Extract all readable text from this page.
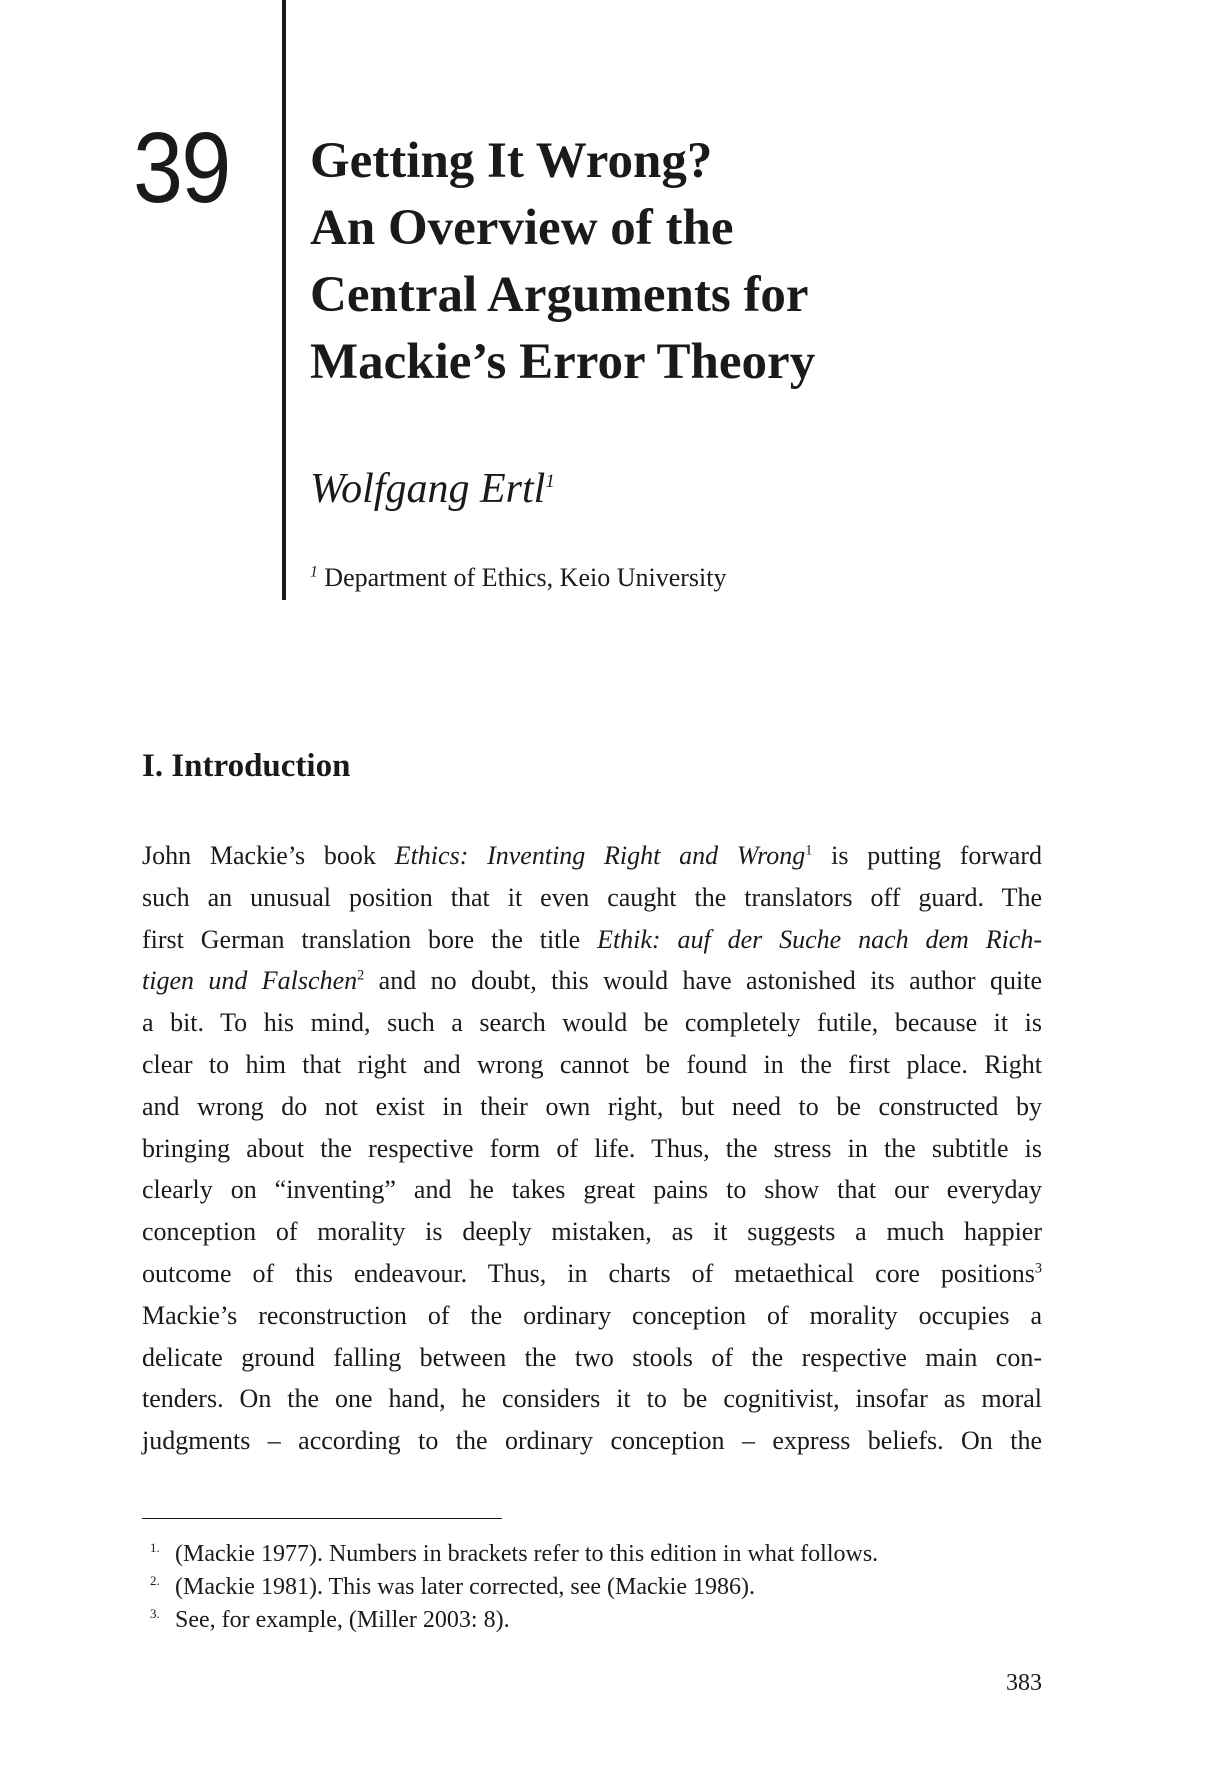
39	Getting It Wrong?
An Overview of the
Central Arguments for
Mackie’s Error Theory
Wolfgang Ertl$^1$
$^1$ Department of Ethics, Keio University
I. Introduction
John Mackie’s book Ethics: Inventing Right and Wrong$^1$ is putting forward
such an unusual position that it even caught the translators off guard. The
first German translation bore the title Ethik: auf der Suche nach dem Rich-
tigen und Falschen$^2$ and no doubt, this would have astonished its author quite
a bit. To his mind, such a search would be completely futile, because it is
clear to him that right and wrong cannot be found in the first place. Right
and wrong do not exist in their own right, but need to be constructed by
bringing about the respective form of life. Thus, the stress in the subtitle is
clearly on “inventing” and he takes great pains to show that our everyday
conception of morality is deeply mistaken, as it suggests a much happier
outcome of this endeavour. Thus, in charts of metaethical core positions$^3$
Mackie’s reconstruction of the ordinary conception of morality occupies a
delicate ground falling between the two stools of the respective main con-
tenders. On the one hand, he considers it to be cognitivist, insofar as moral
judgments – according to the ordinary conception – express beliefs. On the
1. (Mackie 1977). Numbers in brackets refer to this edition in what follows.
2. (Mackie 1981). This was later corrected, see (Mackie 1986).
3. See, for example, (Miller 2003: 8).
383
